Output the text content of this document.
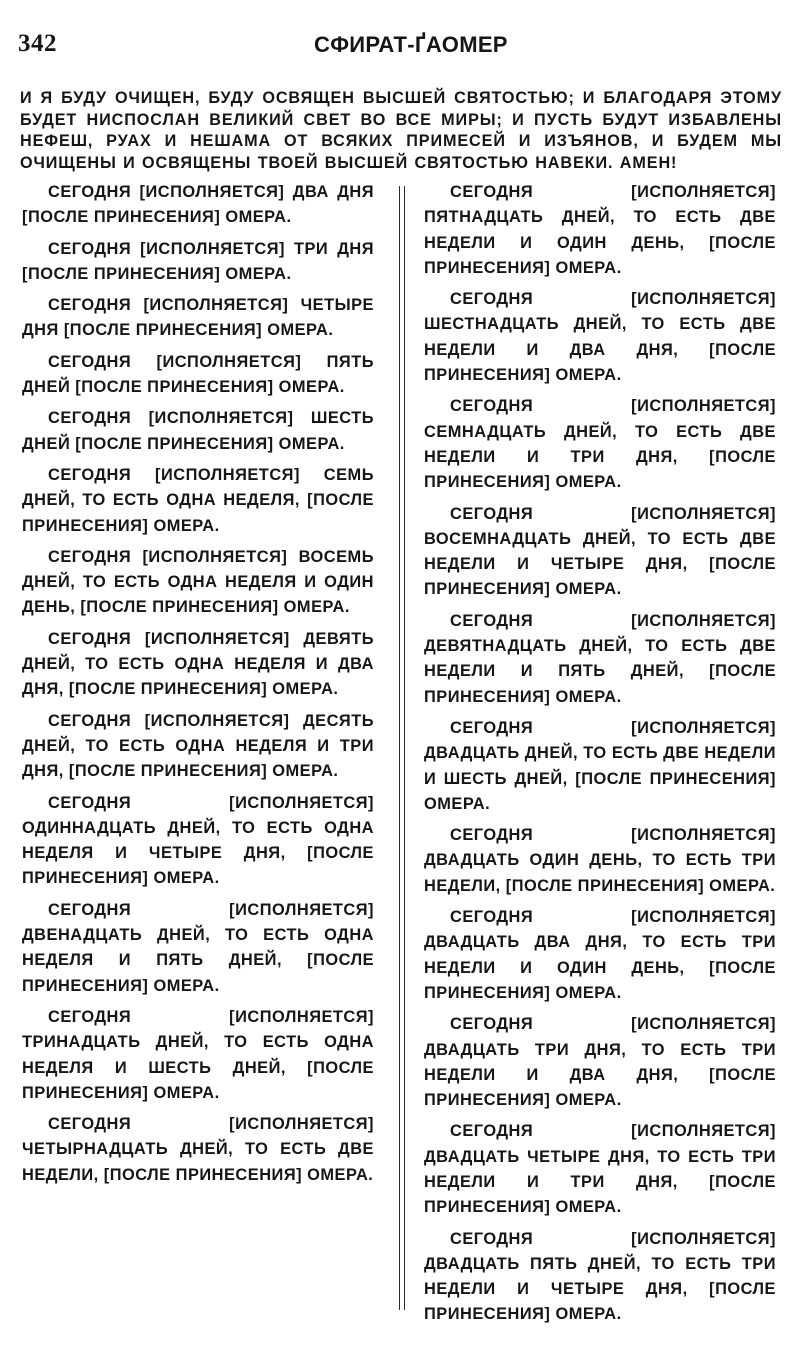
342	СФИРАТ-ҐАОМЕР

И Я БУДУ ОЧИЩЕН, БУДУ ОСВЯЩЕН ВЫСШЕЙ СВЯТОСТЬЮ; И БЛАГОДАРЯ ЭТОМУ БУДЕТ НИСПОСЛАН ВЕЛИКИЙ СВЕТ ВО ВСЕ МИРЫ; И ПУСТЬ БУДУТ ИЗБАВЛЕНЫ НЕФЕШ, РУАХ И НЕШАМА ОТ ВСЯКИХ ПРИМЕСЕЙ И ИЗЪЯНОВ, И БУДЕМ МЫ ОЧИЩЕНЫ И ОСВЯЩЕНЫ ТВОЕЙ ВЫСШЕЙ СВЯТОСТЬЮ НАВЕКИ. АМЕН!

СЕГОДНЯ [ИСПОЛНЯЕТСЯ] ДВА ДНЯ [ПОСЛЕ ПРИНЕСЕНИЯ] ОМЕРА.

СЕГОДНЯ [ИСПОЛНЯЕТСЯ] ТРИ ДНЯ [ПОСЛЕ ПРИНЕСЕНИЯ] ОМЕРА.

СЕГОДНЯ [ИСПОЛНЯЕТСЯ] ЧЕТЫРЕ ДНЯ [ПОСЛЕ ПРИНЕСЕНИЯ] ОМЕРА.

СЕГОДНЯ [ИСПОЛНЯЕТСЯ] ПЯТЬ ДНЕЙ [ПОСЛЕ ПРИНЕСЕНИЯ] ОМЕРА.

СЕГОДНЯ [ИСПОЛНЯЕТСЯ] ШЕСТЬ ДНЕЙ [ПОСЛЕ ПРИНЕСЕНИЯ] ОМЕРА.

СЕГОДНЯ [ИСПОЛНЯЕТСЯ] СЕМЬ ДНЕЙ, ТО ЕСТЬ ОДНА НЕДЕЛЯ, [ПОСЛЕ ПРИНЕСЕНИЯ] ОМЕРА.

СЕГОДНЯ [ИСПОЛНЯЕТСЯ] ВОСЕМЬ ДНЕЙ, ТО ЕСТЬ ОДНА НЕДЕЛЯ И ОДИН ДЕНЬ, [ПОСЛЕ ПРИНЕСЕНИЯ] ОМЕРА.

СЕГОДНЯ [ИСПОЛНЯЕТСЯ] ДЕВЯТЬ ДНЕЙ, ТО ЕСТЬ ОДНА НЕДЕЛЯ И ДВА ДНЯ, [ПОСЛЕ ПРИНЕСЕНИЯ] ОМЕРА.

СЕГОДНЯ [ИСПОЛНЯЕТСЯ] ДЕСЯТЬ ДНЕЙ, ТО ЕСТЬ ОДНА НЕДЕЛЯ И ТРИ ДНЯ, [ПОСЛЕ ПРИНЕСЕНИЯ] ОМЕРА.

СЕГОДНЯ [ИСПОЛНЯЕТСЯ] ОДИННАДЦАТЬ ДНЕЙ, ТО ЕСТЬ ОДНА НЕДЕЛЯ И ЧЕТЫРЕ ДНЯ, [ПОСЛЕ ПРИНЕСЕНИЯ] ОМЕРА.

СЕГОДНЯ [ИСПОЛНЯЕТСЯ] ДВЕНАДЦАТЬ ДНЕЙ, ТО ЕСТЬ ОДНА НЕДЕЛЯ И ПЯТЬ ДНЕЙ, [ПОСЛЕ ПРИНЕСЕНИЯ] ОМЕРА.

СЕГОДНЯ [ИСПОЛНЯЕТСЯ] ТРИНАДЦАТЬ ДНЕЙ, ТО ЕСТЬ ОДНА НЕДЕЛЯ И ШЕСТЬ ДНЕЙ, [ПОСЛЕ ПРИНЕСЕНИЯ] ОМЕРА.

СЕГОДНЯ [ИСПОЛНЯЕТСЯ] ЧЕТЫРНАДЦАТЬ ДНЕЙ, ТО ЕСТЬ ДВЕ НЕДЕЛИ, [ПОСЛЕ ПРИНЕСЕНИЯ] ОМЕРА.

СЕГОДНЯ [ИСПОЛНЯЕТСЯ] ПЯТНАДЦАТЬ ДНЕЙ, ТО ЕСТЬ ДВЕ НЕДЕЛИ И ОДИН ДЕНЬ, [ПОСЛЕ ПРИНЕСЕНИЯ] ОМЕРА.

СЕГОДНЯ [ИСПОЛНЯЕТСЯ] ШЕСТНАДЦАТЬ ДНЕЙ, ТО ЕСТЬ ДВЕ НЕДЕЛИ И ДВА ДНЯ, [ПОСЛЕ ПРИНЕСЕНИЯ] ОМЕРА.

СЕГОДНЯ [ИСПОЛНЯЕТСЯ] СЕМНАДЦАТЬ ДНЕЙ, ТО ЕСТЬ ДВЕ НЕДЕЛИ И ТРИ ДНЯ, [ПОСЛЕ ПРИНЕСЕНИЯ] ОМЕРА.

СЕГОДНЯ [ИСПОЛНЯЕТСЯ] ВОСЕМНАДЦАТЬ ДНЕЙ, ТО ЕСТЬ ДВЕ НЕДЕЛИ И ЧЕТЫРЕ ДНЯ, [ПОСЛЕ ПРИНЕСЕНИЯ] ОМЕРА.

СЕГОДНЯ [ИСПОЛНЯЕТСЯ] ДЕВЯТНАДЦАТЬ ДНЕЙ, ТО ЕСТЬ ДВЕ НЕДЕЛИ И ПЯТЬ ДНЕЙ, [ПОСЛЕ ПРИНЕСЕНИЯ] ОМЕРА.

СЕГОДНЯ [ИСПОЛНЯЕТСЯ] ДВАДЦАТЬ ДНЕЙ, ТО ЕСТЬ ДВЕ НЕДЕЛИ И ШЕСТЬ ДНЕЙ, [ПОСЛЕ ПРИНЕСЕНИЯ] ОМЕРА.

СЕГОДНЯ [ИСПОЛНЯЕТСЯ] ДВАДЦАТЬ ОДИН ДЕНЬ, ТО ЕСТЬ ТРИ НЕДЕЛИ, [ПОСЛЕ ПРИНЕСЕНИЯ] ОМЕРА.

СЕГОДНЯ [ИСПОЛНЯЕТСЯ] ДВАДЦАТЬ ДВА ДНЯ, ТО ЕСТЬ ТРИ НЕДЕЛИ И ОДИН ДЕНЬ, [ПОСЛЕ ПРИНЕСЕНИЯ] ОМЕРА.

СЕГОДНЯ [ИСПОЛНЯЕТСЯ] ДВАДЦАТЬ ТРИ ДНЯ, ТО ЕСТЬ ТРИ НЕДЕЛИ И ДВА ДНЯ, [ПОСЛЕ ПРИНЕСЕНИЯ] ОМЕРА.

СЕГОДНЯ [ИСПОЛНЯЕТСЯ] ДВАДЦАТЬ ЧЕТЫРЕ ДНЯ, ТО ЕСТЬ ТРИ НЕДЕЛИ И ТРИ ДНЯ, [ПОСЛЕ ПРИНЕСЕНИЯ] ОМЕРА.

СЕГОДНЯ [ИСПОЛНЯЕТСЯ] ДВАДЦАТЬ ПЯТЬ ДНЕЙ, ТО ЕСТЬ ТРИ НЕДЕЛИ И ЧЕТЫРЕ ДНЯ, [ПОСЛЕ ПРИНЕСЕНИЯ] ОМЕРА.
